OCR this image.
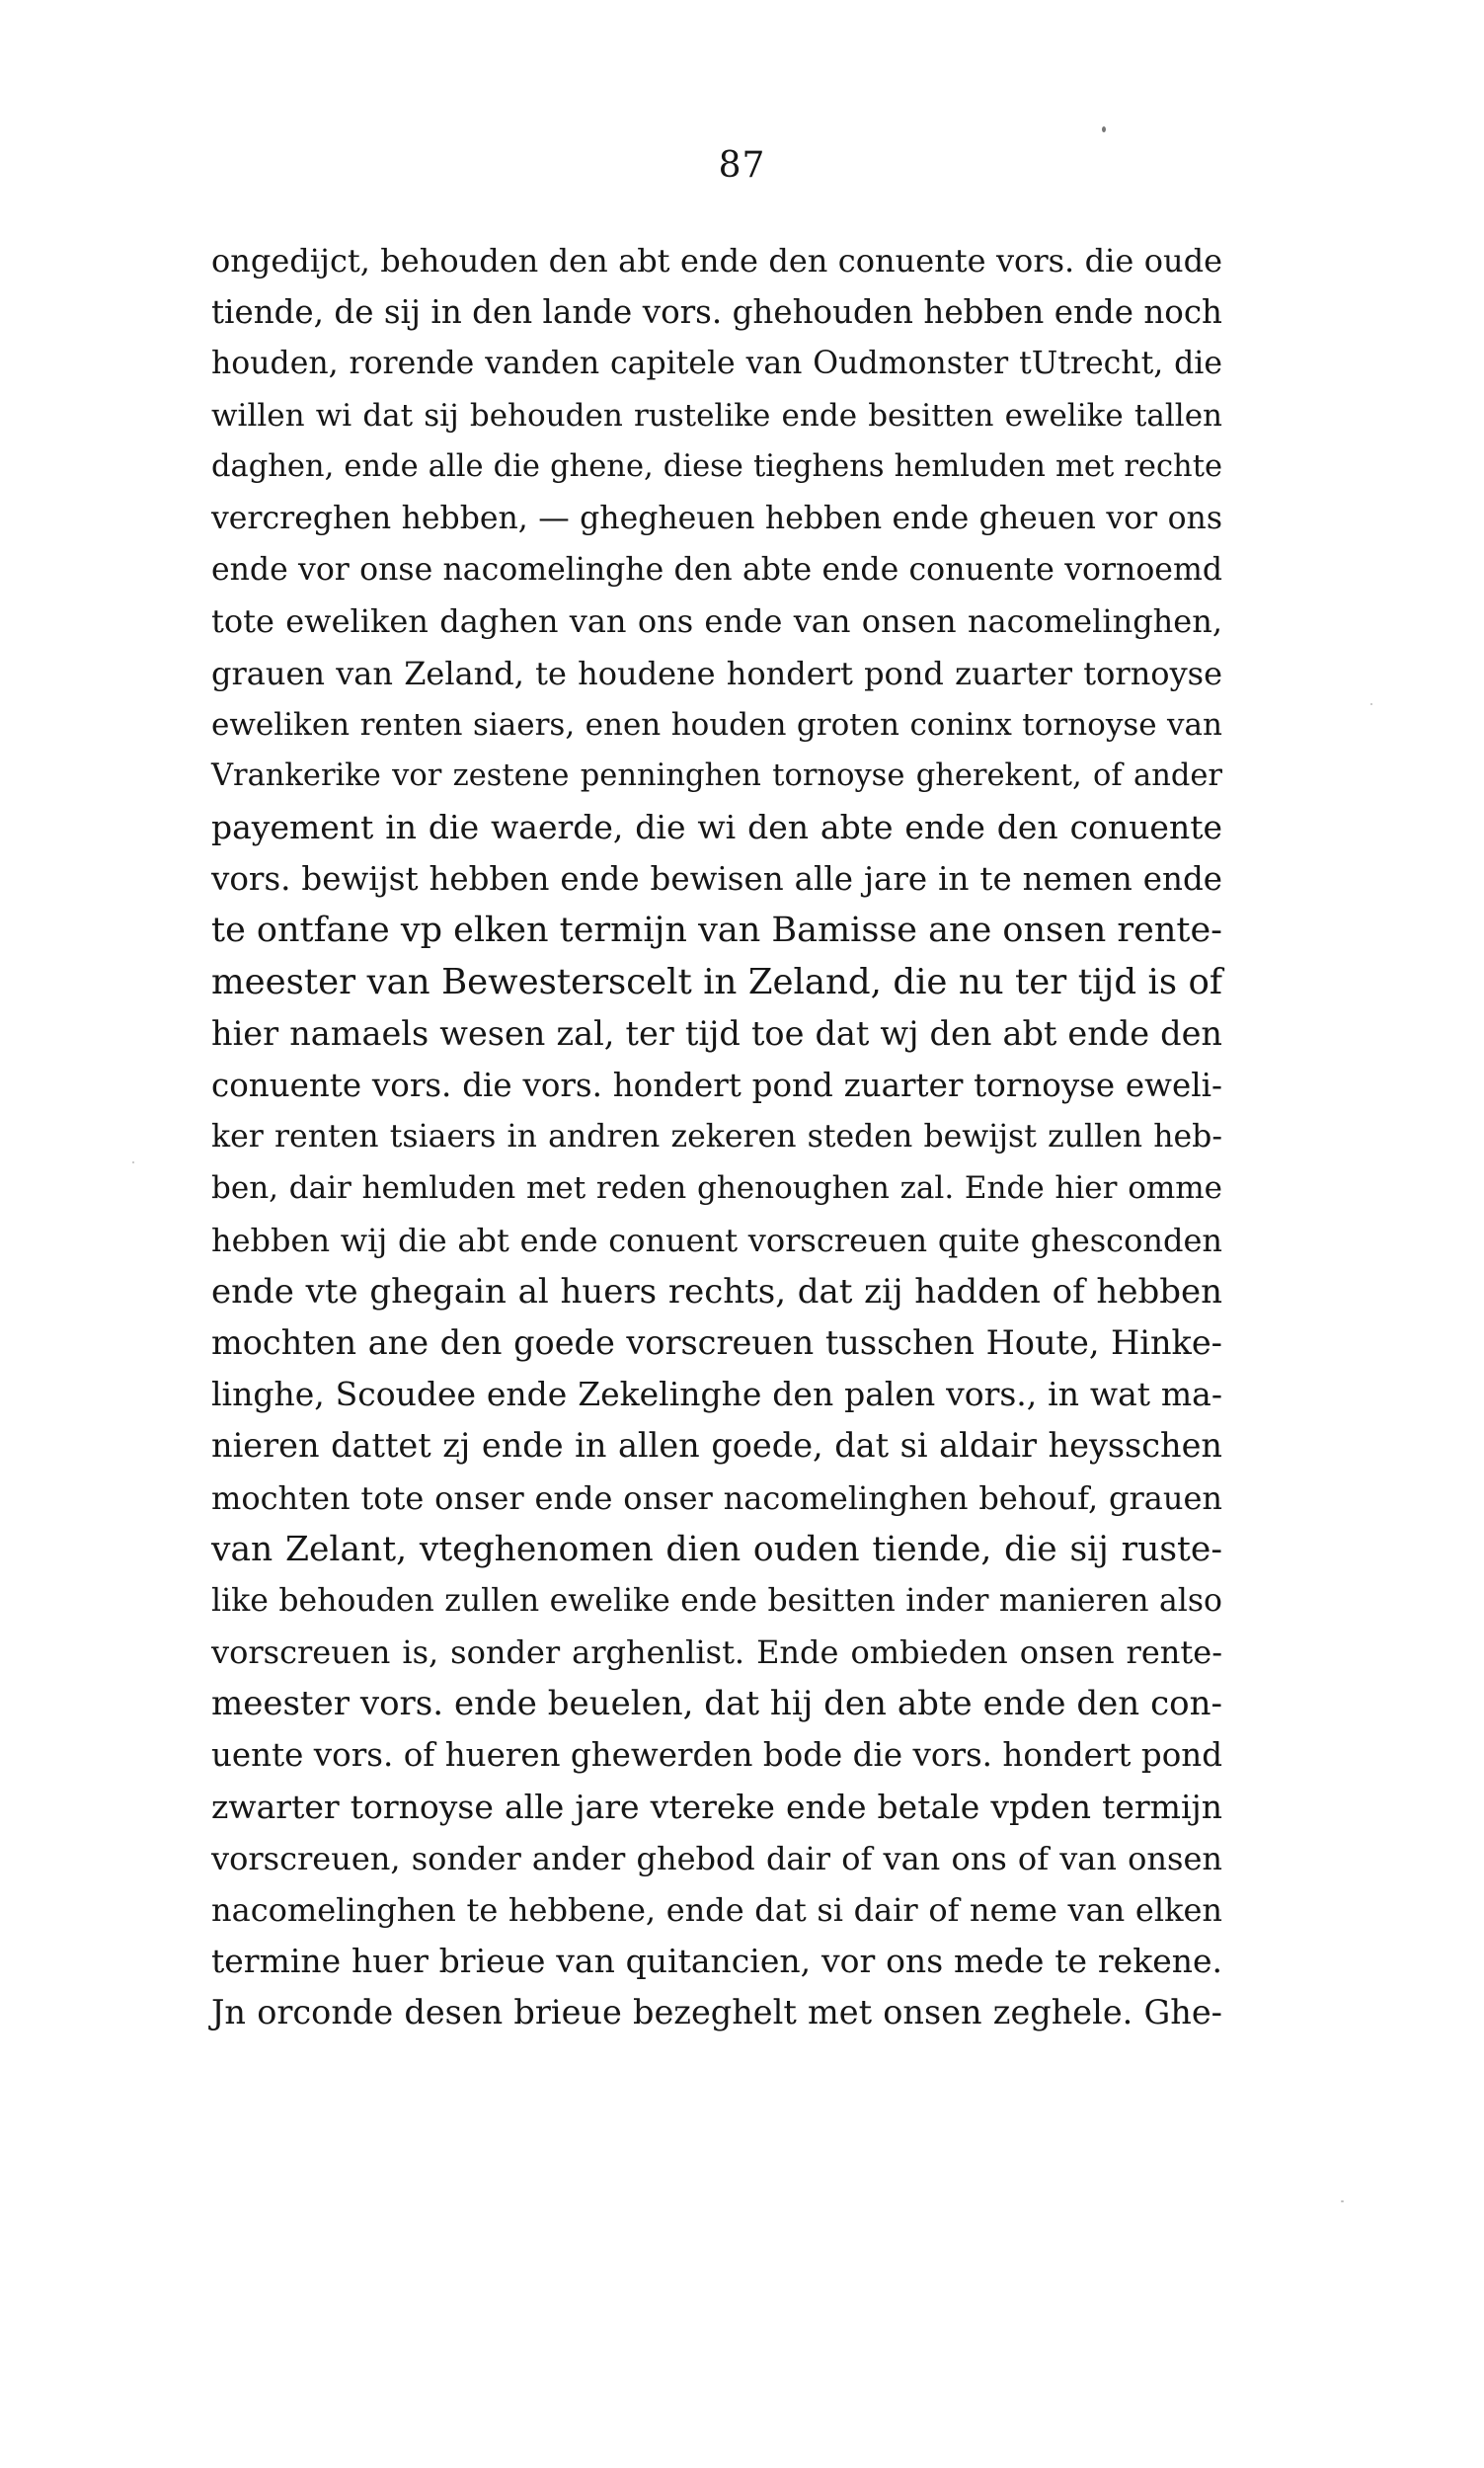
87
ongedijct, behouden den abt ende den conuente vors. die oude
tiende, de sij in den lande vors. ghehouden hebben ende noch
houden, rorende vanden capitele van Oudmonster tUtrecht, die
willen wi dat sij behouden rustelike ende besitten ewelike tallen
daghen, ende alle die ghene, diese tieghens hemluden met rechte
vercreghen hebben, — ghegheuen hebben ende gheuen vor ons
ende vor onse nacomelinghe den abte ende conuente vornoemd
tote eweliken daghen van ons ende van onsen nacomelinghen,
grauen van Zeland, te houdene hondert pond zuarter tornoyse
eweliken renten siaers, enen houden groten coninx tornoyse van
Vrankerike vor zestene penninghen tornoyse gherekent, of ander
payement in die waerde, die wi den abte ende den conuente
vors. bewijst hebben ende bewisen alle jare in te nemen ende
te ontfane vp elken termijn van Bamisse ane onsen rente-
meester van Bewesterscelt in Zeland, die nu ter tijd is of
hier namaels wesen zal, ter tijd toe dat wj den abt ende den
conuente vors. die vors. hondert pond zuarter tornoyse eweli-
ker renten tsiaers in andren zekeren steden bewijst zullen heb-
ben, dair hemluden met reden ghenoughen zal. Ende hier omme
hebben wij die abt ende conuent vorscreuen quite ghesconden
ende vte ghegain al huers rechts, dat zij hadden of hebben
mochten ane den goede vorscreuen tusschen Houte, Hinke-
linghe, Scoudee ende Zekelinghe den palen vors., in wat ma-
nieren dattet zj ende in allen goede, dat si aldair heysschen
mochten tote onser ende onser nacomelinghen behouf, grauen
van Zelant, vteghenomen dien ouden tiende, die sij ruste-
like behouden zullen ewelike ende besitten inder manieren also
vorscreuen is, sonder arghenlist. Ende ombieden onsen rente-
meester vors. ende beuelen, dat hij den abte ende den con-
uente vors. of hueren ghewerden bode die vors. hondert pond
zwarter tornoyse alle jare vtereke ende betale vpden termijn
vorscreuen, sonder ander ghebod dair of van ons of van onsen
nacomelinghen te hebbene, ende dat si dair of neme van elken
termine huer brieue van quitancien, vor ons mede te rekene.
Jn orconde desen brieue bezeghelt met onsen zeghele. Ghe-
